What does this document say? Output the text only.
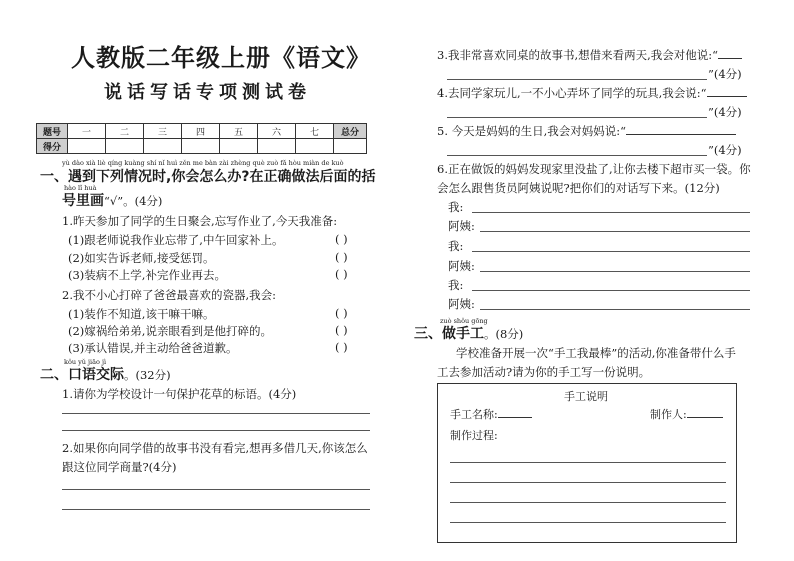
人教版二年级上册《语文》
说话写话专项测试卷
题号	一	二	三	四	五	六	七	总分
得分								
yù dào xià liè qíng kuàng shí nǐ huì zěn me bàn zài zhèng què zuò fǎ hòu miàn de kuò
一、遇到下列情况时,你会怎么办?在正确做法后面的括
hào lǐ huà
号里画“√”。(4分)
1.昨天参加了同学的生日聚会,忘写作业了,今天我准备:
(1)跟老师说我作业忘带了,中午回家补上。	( )
(2)如实告诉老师,接受惩罚。	( )
(3)装病不上学,补完作业再去。	( )
2.我不小心打碎了爸爸最喜欢的瓷器,我会:
(1)装作不知道,该干嘛干嘛。	( )
(2)嫁祸给弟弟,说亲眼看到是他打碎的。	( )
(3)承认错误,并主动给爸爸道歉。	( )
kǒu yǔ jiāo jì
二、口语交际。(32分)
1.请你为学校设计一句保护花草的标语。(4分)
2.如果你向同学借的故事书没有看完,想再多借几天,你该怎么
跟这位同学商量?(4分)
3.我非常喜欢同桌的故事书,想借来看两天,我会对他说:“
”(4分)
4.去同学家玩儿,一不小心弄坏了同学的玩具,我会说:“
”(4分)
5. 今天是妈妈的生日,我会对妈妈说:“
”(4分)
6.正在做饭的妈妈发现家里没盐了,让你去楼下超市买一袋。你
会怎么跟售货员阿姨说呢?把你们的对话写下来。(12分)
我:
阿姨:
我:
阿姨:
我:
阿姨:
zuò shǒu gōng
三、做手工。(8分)
学校准备开展一次“手工我最棒”的活动,你准备带什么手
工去参加活动?请为你的手工写一份说明。
手工说明
手工名称:	制作人:
制作过程:
